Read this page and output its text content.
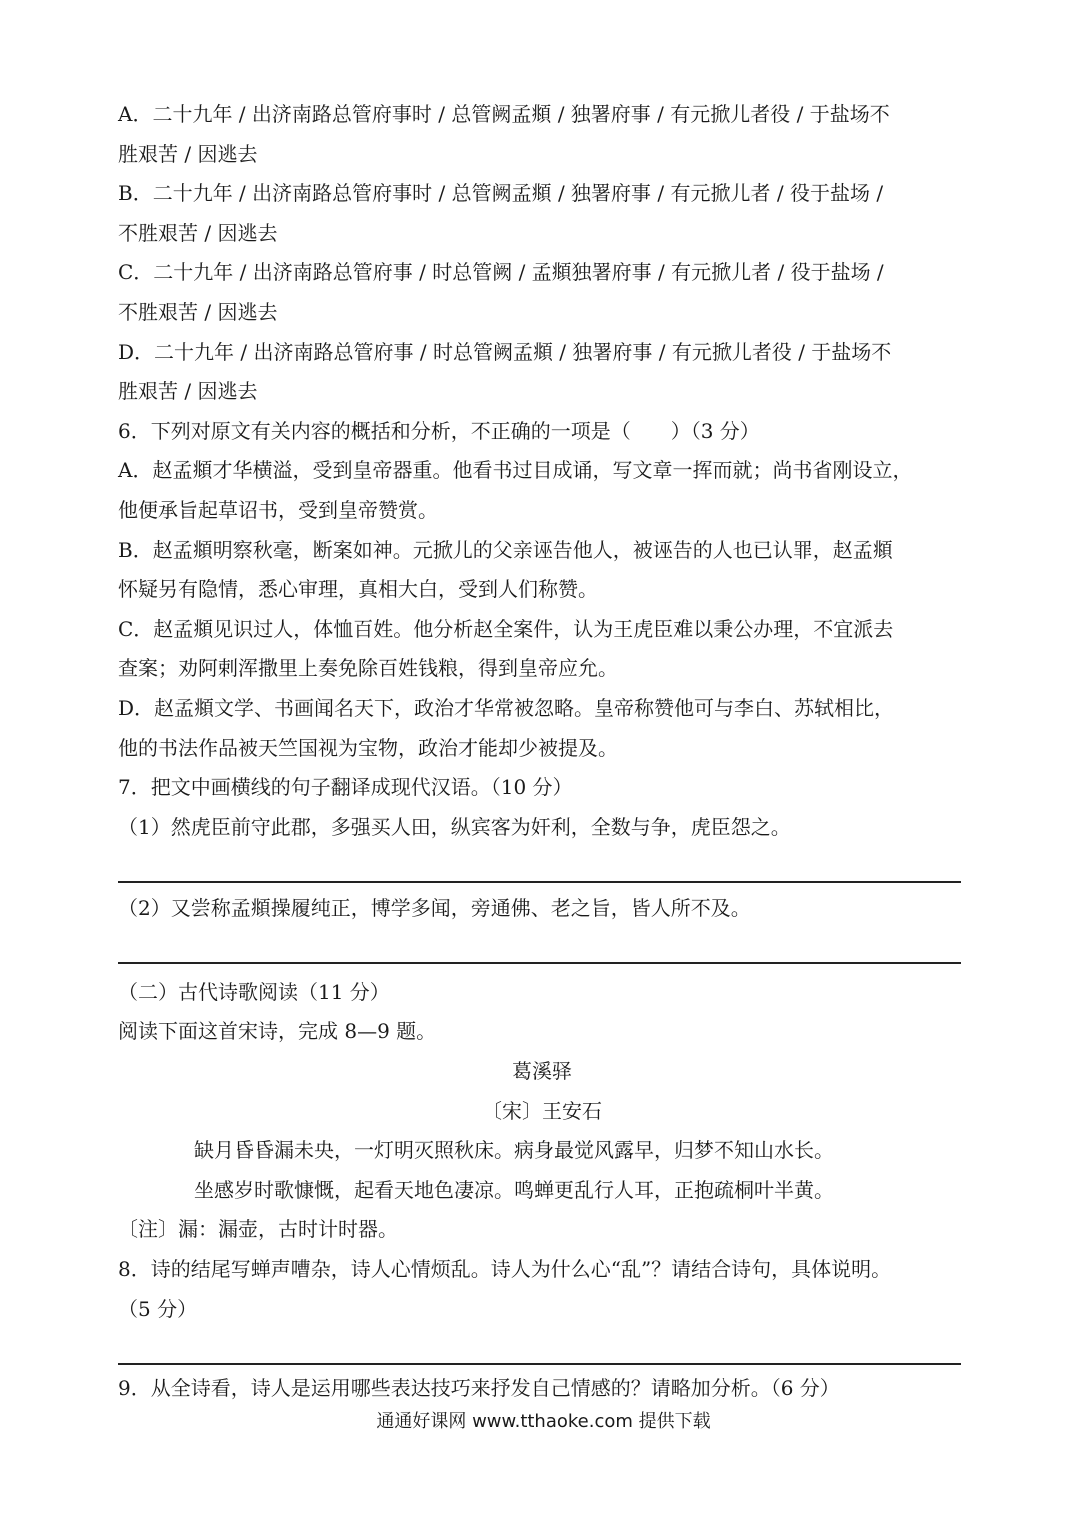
A．二十九年 / 出济南路总管府事时 / 总管阙孟頫 / 独署府事 / 有元掀儿者役 / 于盐场不
胜艰苦 / 因逃去
B．二十九年 / 出济南路总管府事时 / 总管阙孟頫 / 独署府事 / 有元掀儿者 / 役于盐场 /
不胜艰苦 / 因逃去
C．二十九年 / 出济南路总管府事 / 时总管阙 / 孟頫独署府事 / 有元掀儿者 / 役于盐场 /
不胜艰苦 / 因逃去
D．二十九年 / 出济南路总管府事 / 时总管阙孟頫 / 独署府事 / 有元掀儿者役 / 于盐场不
胜艰苦 / 因逃去
6．下列对原文有关内容的概括和分析，不正确的一项是（　　）（3 分）
A．赵孟頫才华横溢，受到皇帝器重。他看书过目成诵，写文章一挥而就；尚书省刚设立，
他便承旨起草诏书，受到皇帝赞赏。
B．赵孟頫明察秋毫，断案如神。元掀儿的父亲诬告他人，被诬告的人也已认罪，赵孟頫
怀疑另有隐情，悉心审理，真相大白，受到人们称赞。
C．赵孟頫见识过人，体恤百姓。他分析赵全案件，认为王虎臣难以秉公办理，不宜派去
查案；劝阿剌浑撒里上奏免除百姓钱粮，得到皇帝应允。
D．赵孟頫文学、书画闻名天下，政治才华常被忽略。皇帝称赞他可与李白、苏轼相比，
他的书法作品被天竺国视为宝物，政治才能却少被提及。
7．把文中画横线的句子翻译成现代汉语。（10 分）
（1）然虎臣前守此郡，多强买人田，纵宾客为奸利，全数与争，虎臣怨之。
（2）又尝称孟頫操履纯正，博学多闻，旁通佛、老之旨，皆人所不及。
（二）古代诗歌阅读（11 分）
阅读下面这首宋诗，完成 8—9 题。
葛溪驿
〔宋〕王安石
缺月昏昏漏未央，一灯明灭照秋床。病身最觉风露早，归梦不知山水长。
坐感岁时歌慷慨，起看天地色凄凉。鸣蝉更乱行人耳，正抱疏桐叶半黄。
〔注〕漏：漏壶，古时计时器。
8．诗的结尾写蝉声嘈杂，诗人心情烦乱。诗人为什么心“乱”？请结合诗句，具体说明。
（5 分）
9．从全诗看，诗人是运用哪些表达技巧来抒发自己情感的？请略加分析。（6 分）
通通好课网 www.tthaoke.com 提供下载
